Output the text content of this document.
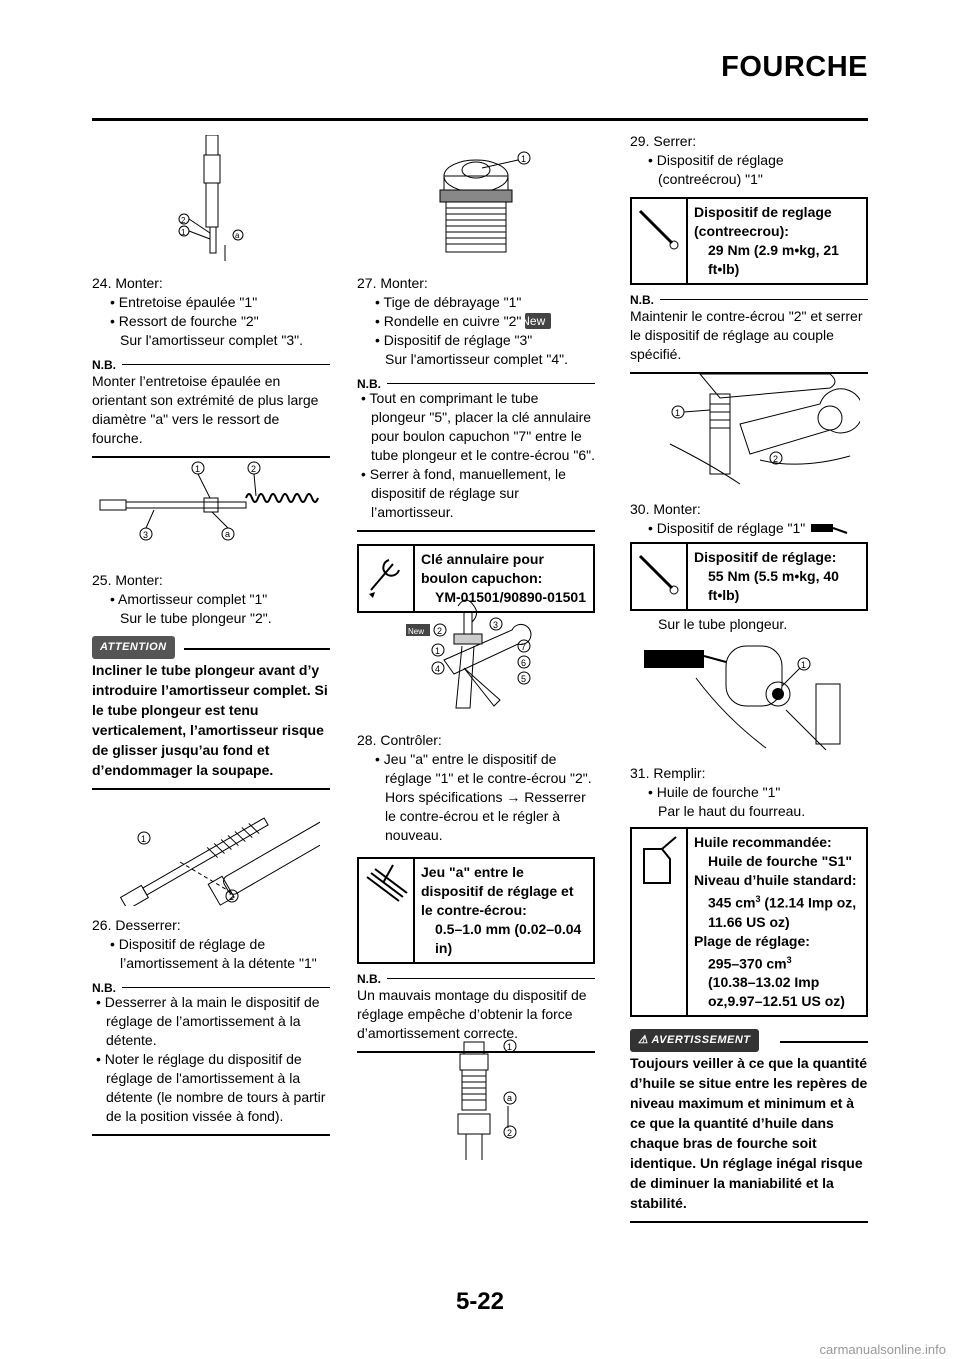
FOURCHE
2
1	a

24. Monter:

• Entretoise épaulée "1"

• Ressort de fourche "2"

Sur l'amortisseur complet "3".

N.B.

Monter l’entretoise épaulée en orientant son extrémité de plus large diamètre "a" vers le ressort de fourche.

1	2
3	a

25. Monter:

• Amortisseur complet "1"

Sur le tube plongeur "2".

ATTENTION

Incliner le tube plongeur avant d’y introduire l’amortisseur complet. Si le tube plongeur est tenu verticalement, l’amortisseur risque de glisser jusqu’au fond et d’endommager la soupape.

1
2

26. Desserrer:

• Dispositif de réglage de l’amortissement à la détente "1"

N.B.

• Desserrer à la main le dispositif de réglage de l’amortissement à la détente.

• Noter le réglage du dispositif de réglage de l'amortissement à la détente (le nombre de tours à partir de la position vissée à fond).

1

27. Monter:

• Tige de débrayage "1"

• Rondelle en cuivre "2" New

• Dispositif de réglage "3"

Sur l'amortisseur complet "4".

N.B.

• Tout en comprimant le tube plongeur "5", placer la clé annulaire pour boulon capuchon "7" entre le tube plongeur et le contre-écrou "6".

• Serrer à fond, manuellement, le dispositif de réglage sur l’amortisseur.

Clé annulaire pour boulon capuchon:
YM-01501/90890-01501
New 2
3
1
4
7
6
5

28. Contrôler:

• Jeu "a" entre le dispositif de réglage "1" et le contre-écrou "2".

Hors spécifications → Resserrer le contre-écrou et le régler à nouveau.

Jeu "a" entre le dispositif de réglage et le contre-écrou:
0.5–1.0 mm (0.02–0.04 in)
N.B.

Un mauvais montage du dispositif de réglage empêche d’obtenir la force d’amortissement correcte.

1
a
2

29. Serrer:

• Dispositif de réglage (contreécrou) "1"

Dispositif de reglage (contreecrou):
29 Nm (2.9 m•kg, 21 ft•lb)
N.B.

Maintenir le contre-écrou "2" et serrer le dispositif de réglage au couple spécifié.

1
2

30. Monter:

• Dispositif de réglage "1"

Dispositif de réglage:
55 Nm (5.5 m•kg, 40 ft•lb)

Sur le tube plongeur.

1

31. Remplir:

• Huile de fourche "1"

Par le haut du fourreau.

Huile recommandée:
Huile de fourche "S1"
Niveau d’huile standard:
345 $cm^3$ (12.14 Imp oz, 11.66 US oz)
Plage de réglage:
295–370 $cm^3$
(10.38–13.02 Imp oz,9.97–12.51 US oz)
⚠ AVERTISSEMENT

Toujours veiller à ce que la quantité d’huile se situe entre les repères de niveau maximum et minimum et à ce que la quantité d’huile dans chaque bras de fourche soit identique. Un réglage inégal risque de diminuer la maniabilité et la stabilité.

5-22
carmanualsonline.info
